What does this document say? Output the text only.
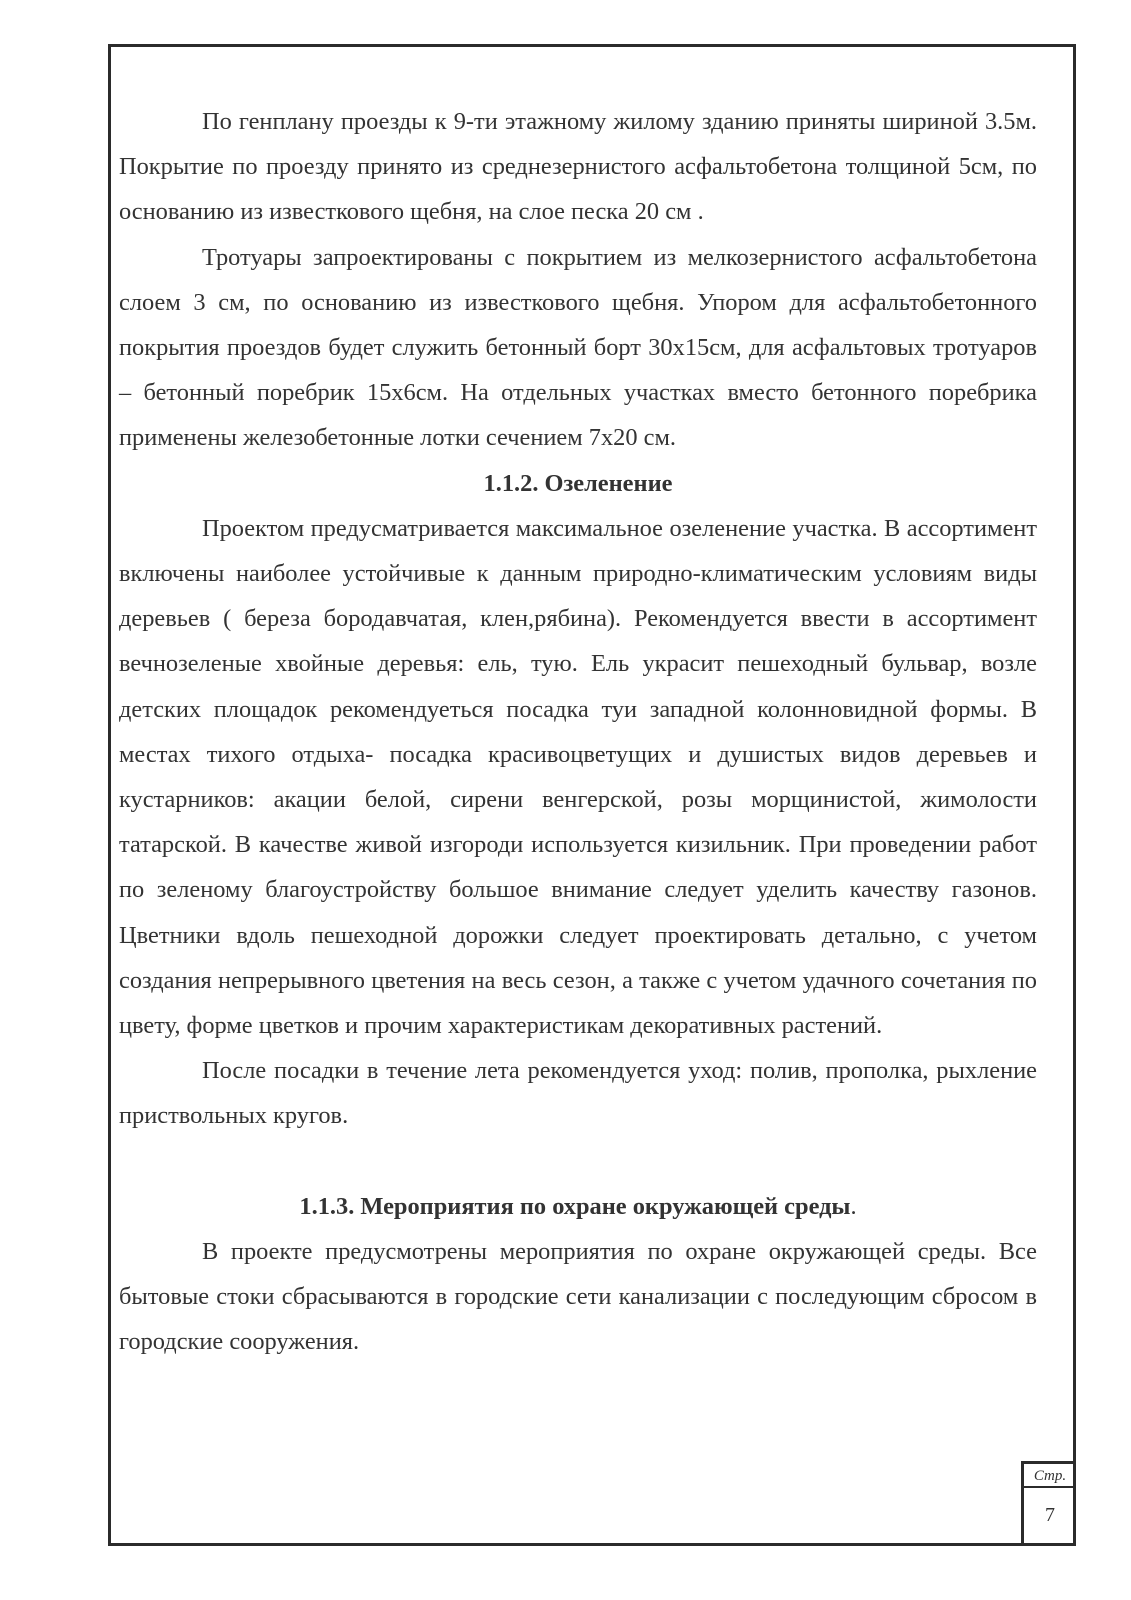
По генплану проезды к 9-ти этажному жилому зданию приняты шириной 3.5м. Покрытие по проезду принято из среднезернистого асфальтобетона толщиной 5см, по основанию из известкового щебня, на слое песка 20 см .

Тротуары запроектированы с покрытием из мелкозернистого асфальтобетона слоем 3 см, по основанию из известкового щебня. Упором для асфальтобетонного покрытия проездов будет служить бетонный борт 30х15см, для асфальтовых тротуаров – бетонный поребрик 15х6см. На отдельных участках вместо бетонного поребрика применены железобетонные лотки сечением 7х20 см.

1.1.2. Озеленение

Проектом предусматривается максимальное озеленение участка. В ассортимент включены наиболее устойчивые к данным природно-климатическим условиям виды деревьев ( береза бородавчатая, клен,рябина). Рекомендуется ввести в ассортимент вечнозеленые хвойные деревья: ель, тую. Ель украсит пешеходный бульвар, возле детских площадок рекомендуеться посадка туи западной колонновидной формы. В местах тихого отдыха- посадка красивоцветущих и душистых видов деревьев и кустарников: акации белой, сирени венгерской, розы морщинистой, жимолости татарской. В качестве живой изгороди используется кизильник. При проведении работ по зеленому благоустройству большое внимание следует уделить качеству газонов. Цветники вдоль пешеходной дорожки следует проектировать детально, с учетом создания непрерывного цветения на весь сезон, а также с учетом удачного сочетания по цвету, форме цветков и прочим характеристикам декоративных растений.

После посадки в течение лета рекомендуется уход: полив, прополка, рыхление приствольных кругов.

1.1.3. Мероприятия по охране окружающей среды.

В проекте предусмотрены мероприятия по охране окружающей среды. Все бытовые стоки сбрасываются в городские сети канализации с последующим сбросом в городские сооружения.

Стр.
7
